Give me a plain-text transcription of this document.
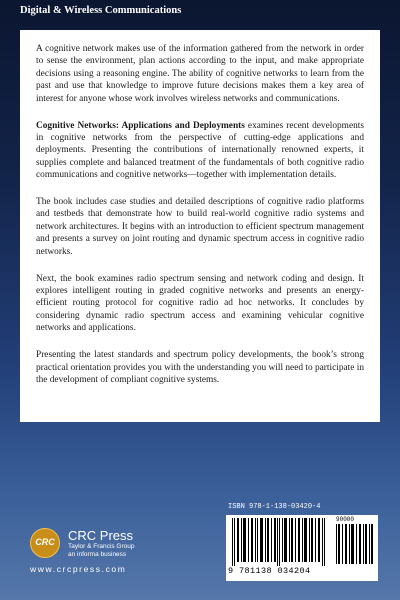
Digital & Wireless Communications

A cognitive network makes use of the information gathered from the network in order to sense the environment, plan actions according to the input, and make appropriate decisions using a reasoning engine. The ability of cognitive networks to learn from the past and use that knowledge to improve future decisions makes them a key area of interest for anyone whose work involves wireless networks and communications.

Cognitive Networks: Applications and Deployments examines recent developments in cognitive networks from the perspective of cutting-edge applications and deployments. Presenting the contributions of internationally renowned experts, it supplies complete and balanced treatment of the fundamentals of both cognitive radio communications and cognitive networks—together with implementation details.

The book includes case studies and detailed descriptions of cognitive radio platforms and testbeds that demonstrate how to build real-world cognitive radio systems and network architectures. It begins with an introduction to efficient spectrum management and presents a survey on joint routing and dynamic spectrum access in cognitive radio networks.

Next, the book examines radio spectrum sensing and network coding and design. It explores intelligent routing in graded cognitive networks and presents an energy-efficient routing protocol for cognitive radio ad hoc networks. It concludes by considering dynamic radio spectrum access and examining vehicular cognitive networks and applications.

Presenting the latest standards and spectrum policy developments, the book’s strong practical orientation provides you with the understanding you will need to participate in the development of compliant cognitive systems.

CRC	CRC Press
Taylor & Francis Group
an informa business
www.crcpress.com
ISBN 978-1-138-03420-4
90000
9 781138 034204
